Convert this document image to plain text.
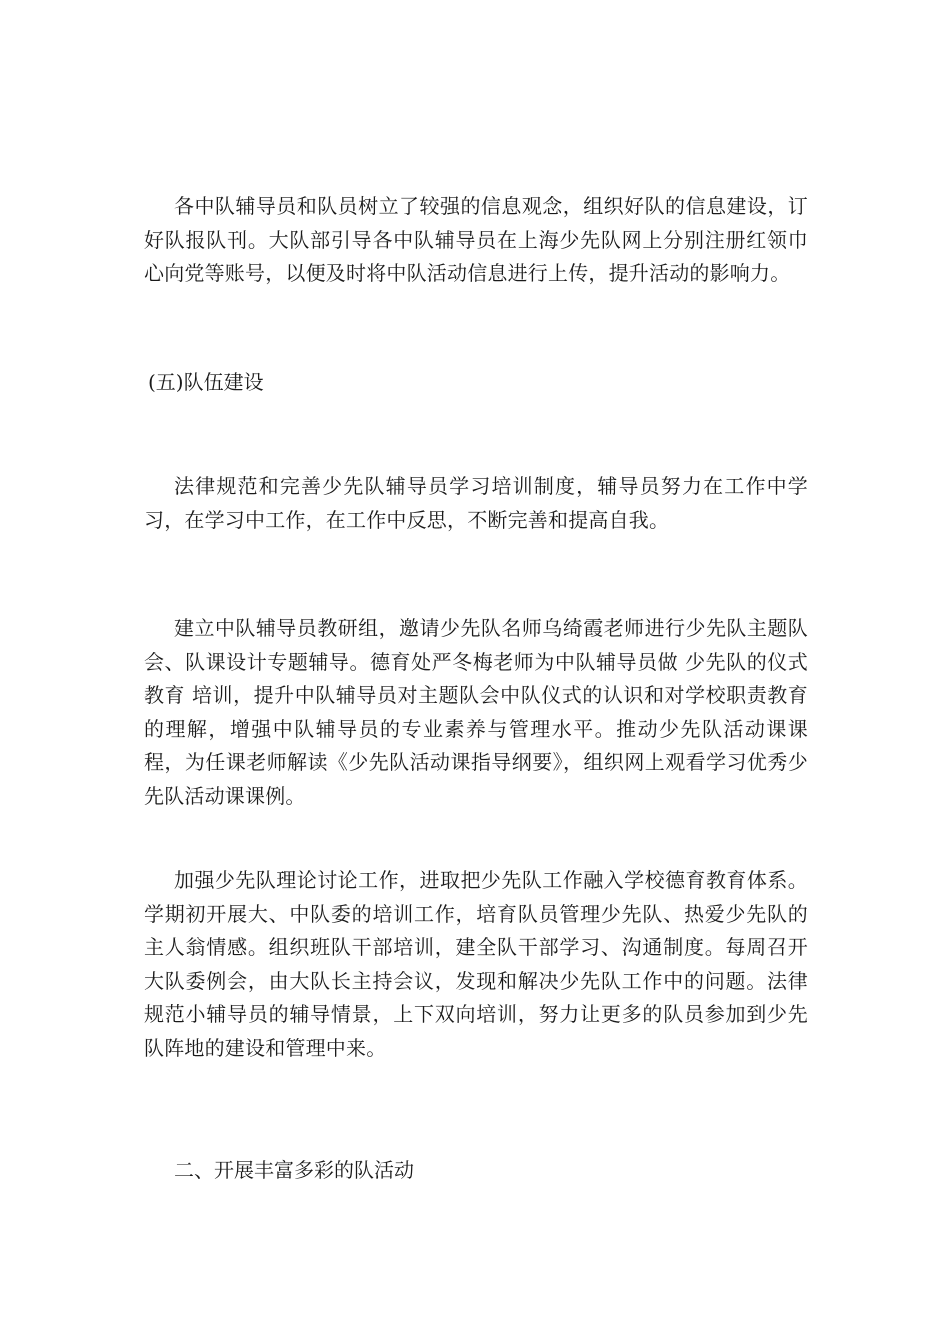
各中队辅导员和队员树立了较强的信息观念，组织好队的信息建设，订好队报队刊。大队部引导各中队辅导员在上海少先队网上分别注册红领巾心向党等账号，以便及时将中队活动信息进行上传，提升活动的影响力。

(五)队伍建设

法律规范和完善少先队辅导员学习培训制度，辅导员努力在工作中学习，在学习中工作，在工作中反思，不断完善和提高自我。

建立中队辅导员教研组，邀请少先队名师乌绮霞老师进行少先队主题队会、队课设计专题辅导。德育处严冬梅老师为中队辅导员做 少先队的仪式教育 培训，提升中队辅导员对主题队会中队仪式的认识和对学校职责教育的理解，增强中队辅导员的专业素养与管理水平。推动少先队活动课课程，为任课老师解读《少先队活动课指导纲要》，组织网上观看学习优秀少先队活动课课例。

加强少先队理论讨论工作，进取把少先队工作融入学校德育教育体系。学期初开展大、中队委的培训工作，培育队员管理少先队、热爱少先队的主人翁情感。组织班队干部培训，建全队干部学习、沟通制度。每周召开大队委例会，由大队长主持会议，发现和解决少先队工作中的问题。法律规范小辅导员的辅导情景，上下双向培训，努力让更多的队员参加到少先队阵地的建设和管理中来。

二、开展丰富多彩的队活动
